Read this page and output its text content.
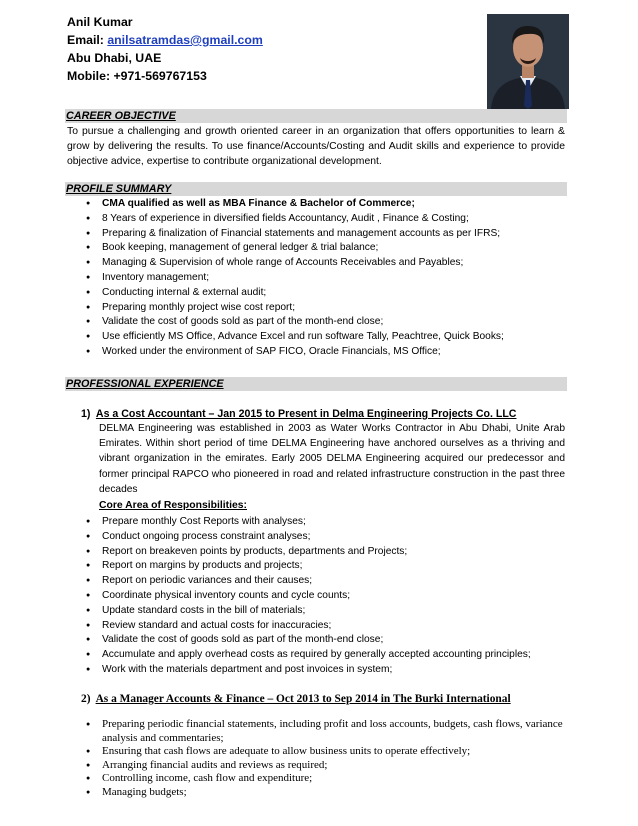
Anil Kumar
Email: anilsatramdas@gmail.com
Abu Dhabi, UAE
Mobile: +971-569767153
CAREER OBJECTIVE
To pursue a challenging and growth oriented career in an organization that offers opportunities to learn & grow by delivering the results. To use finance/Accounts/Costing and Audit skills and experience to provide objective advice, expertise to contribute organizational development.
PROFILE SUMMARY
● CMA qualified as well as MBA Finance & Bachelor of Commerce;
● 8 Years of experience in diversified fields Accountancy, Audit , Finance & Costing;
● Preparing & finalization of Financial statements and management accounts as per IFRS;
● Book keeping, management of general ledger & trial balance;
● Managing & Supervision of whole range of Accounts Receivables and Payables;
● Inventory management;
● Conducting internal & external audit;
● Preparing monthly project wise cost report;
● Validate the cost of goods sold as part of the month-end close;
● Use efficiently MS Office, Advance Excel and run software Tally, Peachtree, Quick Books;
● Worked under the environment of SAP FICO, Oracle Financials, MS Office;
PROFESSIONAL EXPERIENCE
1) As a Cost Accountant – Jan 2015 to Present in Delma Engineering Projects Co. LLC
DELMA Engineering was established in 2003 as Water Works Contractor in Abu Dhabi, Unite Arab Emirates. Within short period of time DELMA Engineering have anchored ourselves as a thriving and vibrant organization in the emirates. Early 2005 DELMA Engineering acquired our predecessor and former principal RAPCO who pioneered in road and related infrastructure construction in the past three decades
Core Area of Responsibilities:
● Prepare monthly Cost Reports with analyses;
● Conduct ongoing process constraint analyses;
● Report on breakeven points by products, departments and Projects;
● Report on margins by products and projects;
● Report on periodic variances and their causes;
● Coordinate physical inventory counts and cycle counts;
● Update standard costs in the bill of materials;
● Review standard and actual costs for inaccuracies;
● Validate the cost of goods sold as part of the month-end close;
● Accumulate and apply overhead costs as required by generally accepted accounting principles;
● Work with the materials department and post invoices in system;
2) As a Manager Accounts & Finance – Oct 2013 to Sep 2014 in The Burki International
● Preparing periodic financial statements, including profit and loss accounts, budgets, cash flows, variance analysis and commentaries;
● Ensuring that cash flows are adequate to allow business units to operate effectively;
● Arranging financial audits and reviews as required;
● Controlling income, cash flow and expenditure;
● Managing budgets;
